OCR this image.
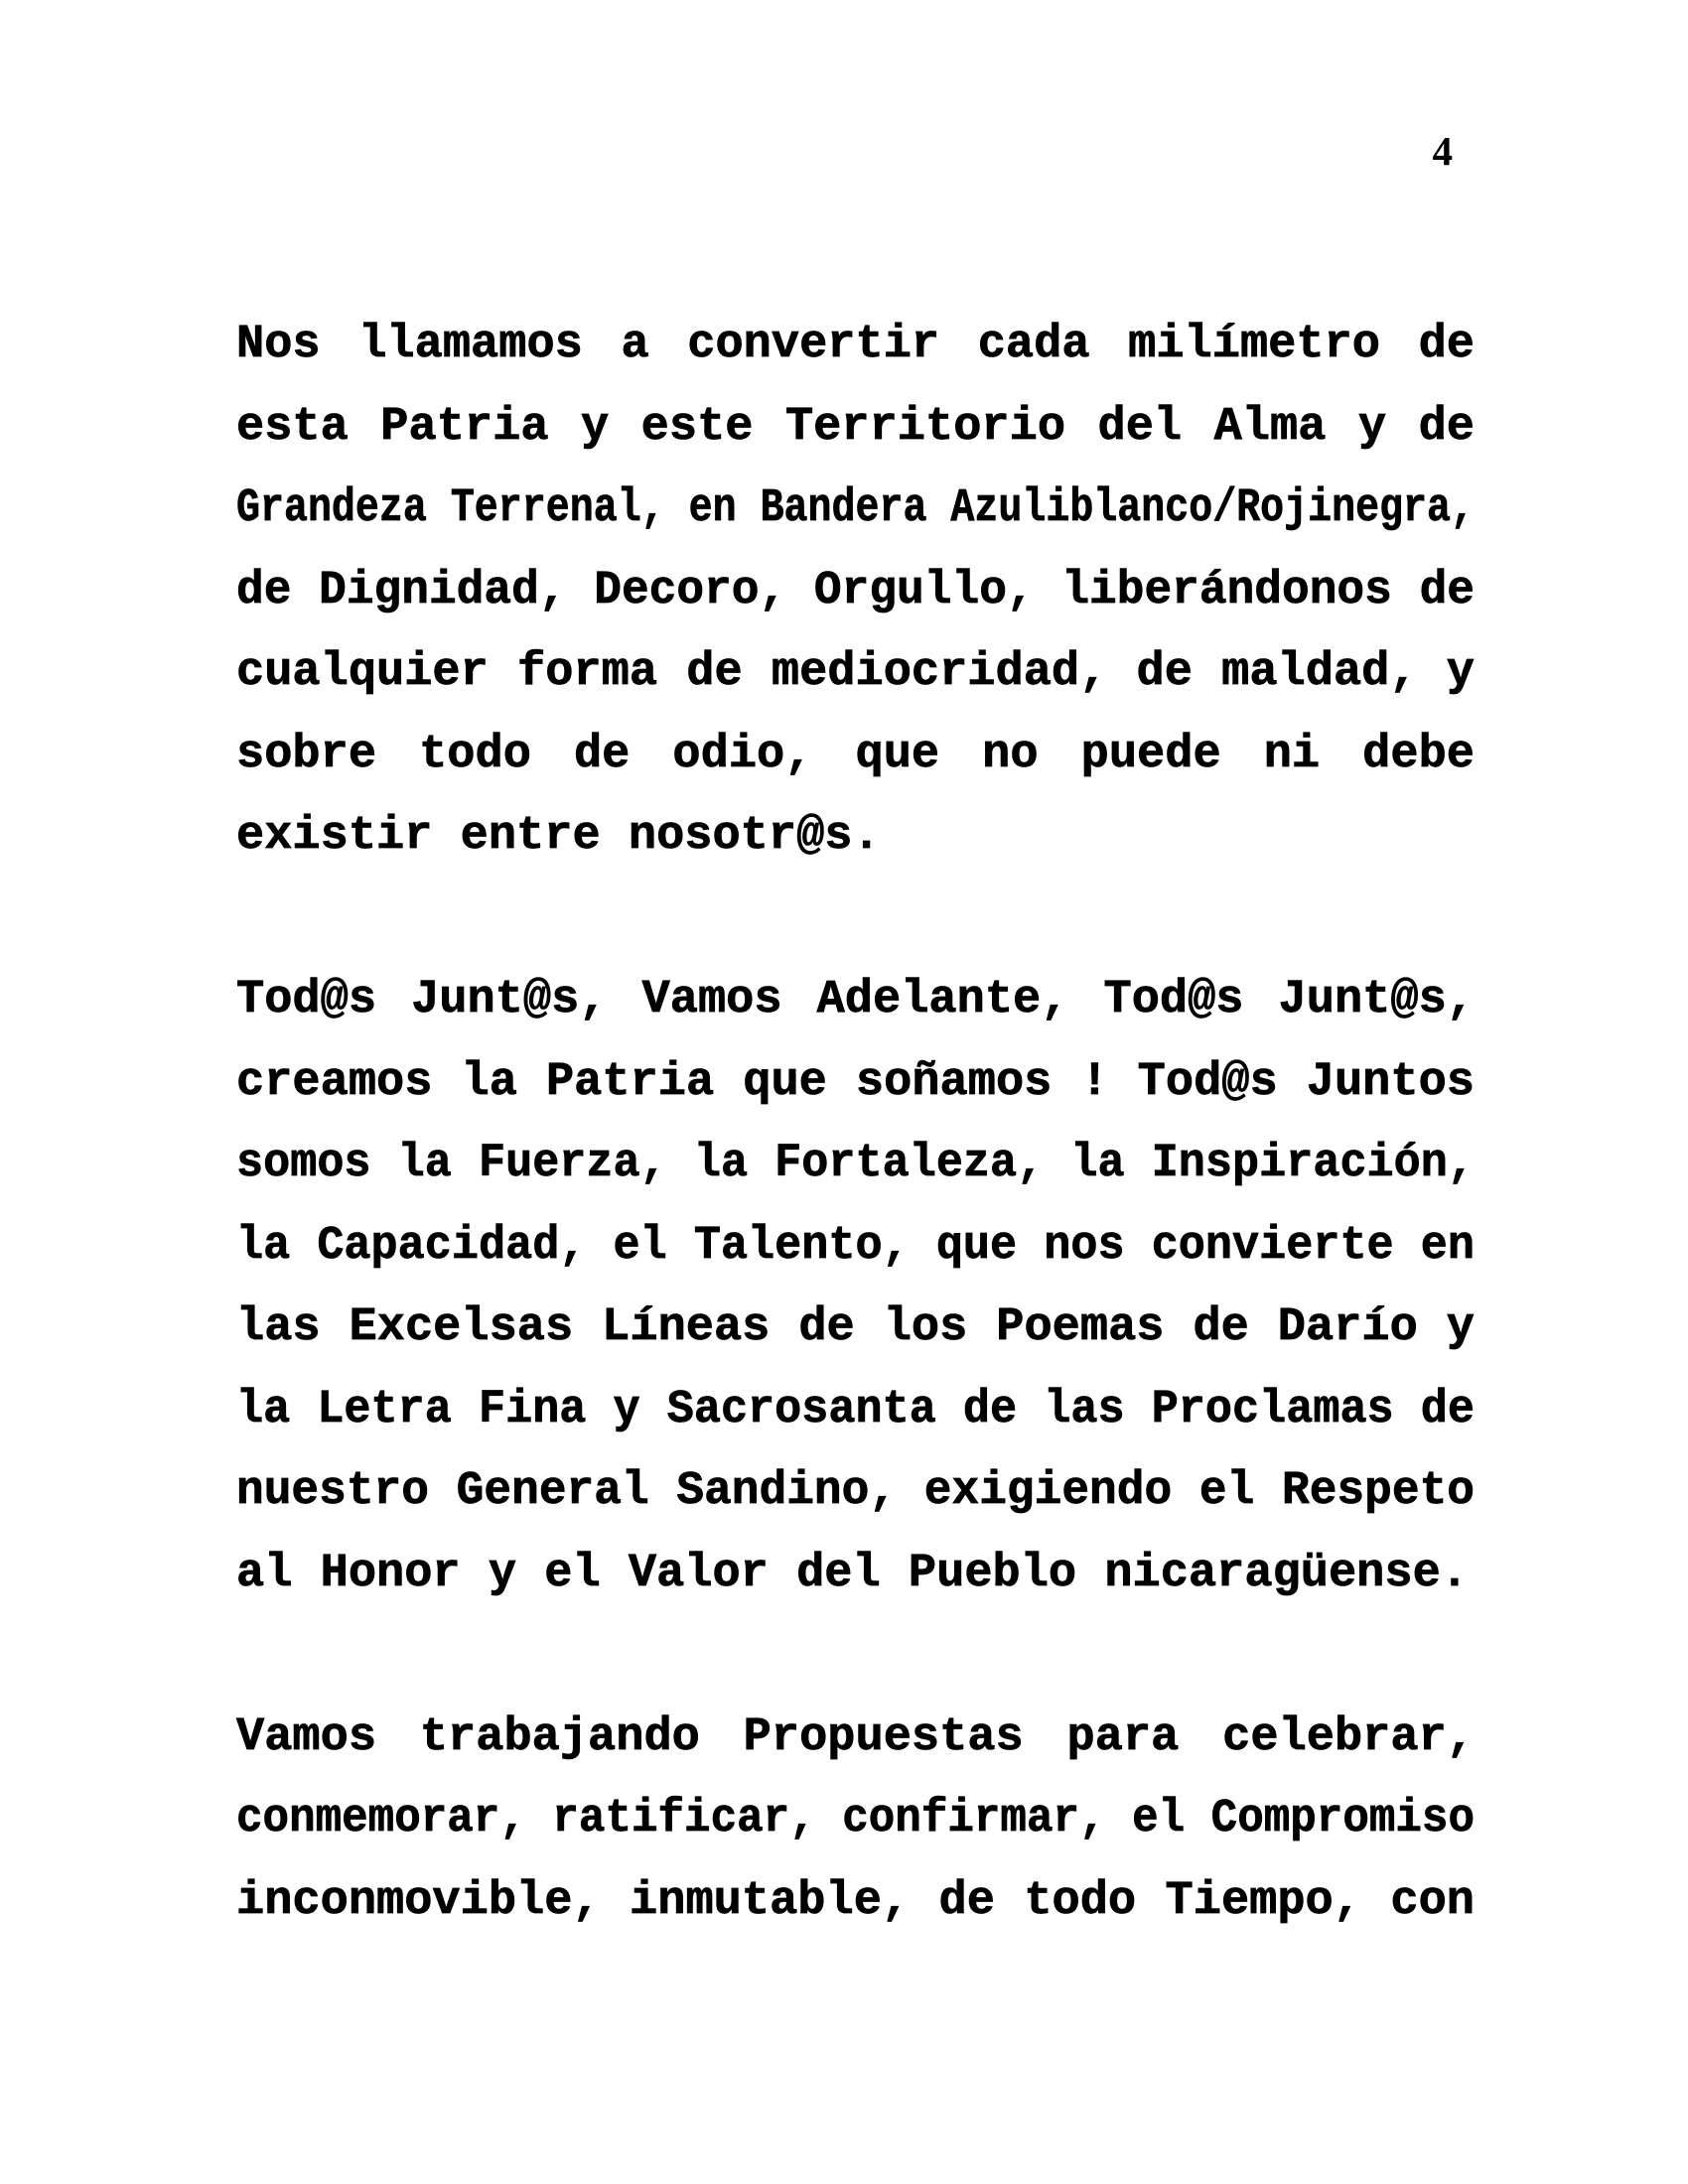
4
Nos llamamos a convertir cada milímetro de
esta Patria y este Territorio del Alma y de
Grandeza Terrenal, en Bandera Azuliblanco/Rojinegra,
de Dignidad, Decoro, Orgullo, liberándonos de
cualquier forma de mediocridad, de maldad, y
sobre todo de odio, que no puede ni debe
existir entre nosotr@s.
Tod@s Junt@s, Vamos Adelante, Tod@s Junt@s,
creamos la Patria que soñamos ! Tod@s Juntos
somos la Fuerza, la Fortaleza, la Inspiración,
la Capacidad, el Talento, que nos convierte en
las Excelsas Líneas de los Poemas de Darío y
la Letra Fina y Sacrosanta de las Proclamas de
nuestro General Sandino, exigiendo el Respeto
al Honor y el Valor del Pueblo nicaragüense.
Vamos trabajando Propuestas para celebrar,
conmemorar, ratificar, confirmar, el Compromiso
inconmovible, inmutable, de todo Tiempo, con
